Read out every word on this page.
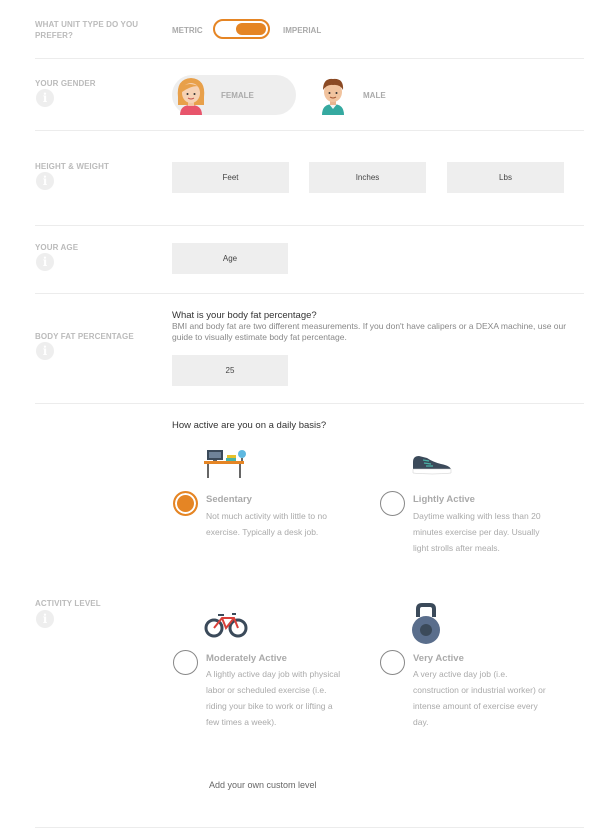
WHAT UNIT TYPE DO YOU PREFER?
METRIC	IMPERIAL
YOUR GENDER
i	FEMALE	MALE
HEIGHT & WEIGHT
i	Feet	Inches	Lbs
YOUR AGE
i	Age
BODY FAT PERCENTAGE
i
What is your body fat percentage?
BMI and body fat are two different measurements. If you don't have calipers or a DEXA machine, use our guide to visually estimate body fat percentage.
25
ACTIVITY LEVEL
i
How active are you on a daily basis?
Sedentary
Not much activity with little to no exercise. Typically a desk job.
Lightly Active
Daytime walking with less than 20 minutes exercise per day. Usually light strolls after meals.
Moderately Active
A lightly active day job with physical labor or scheduled exercise (i.e. riding your bike to work or lifting a few times a week).
Very Active
A very active day job (i.e. construction or industrial worker) or intense amount of exercise every day.
Add your own custom level
